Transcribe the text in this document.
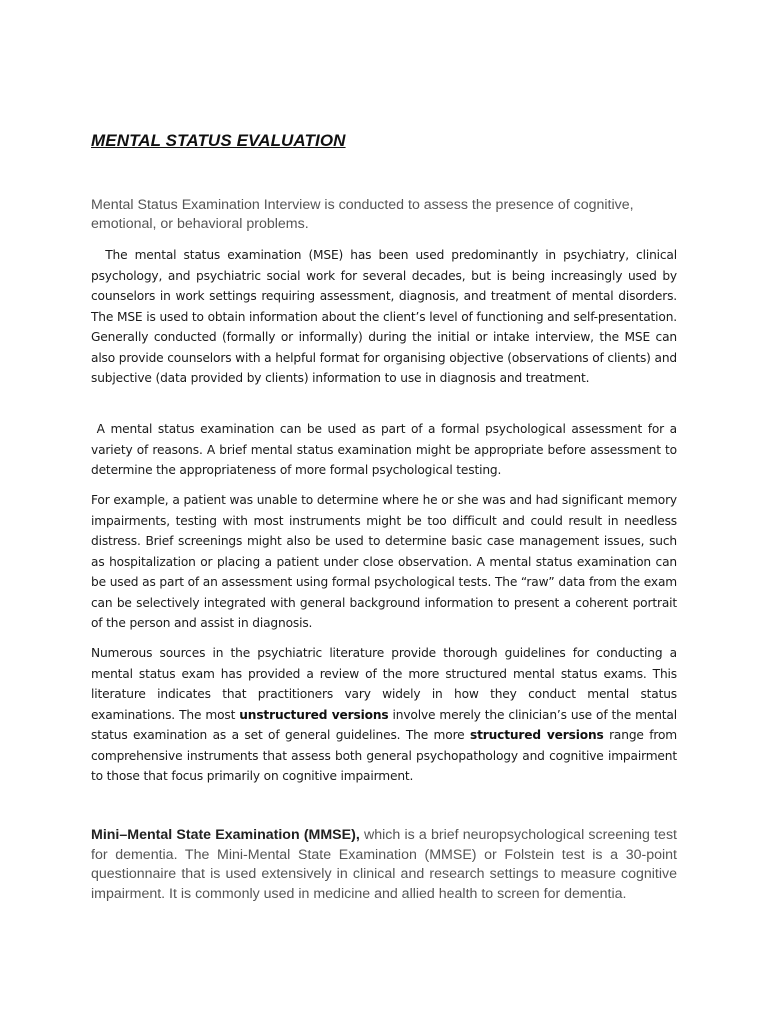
MENTAL STATUS EVALUATION

Mental Status Examination Interview is conducted to assess the presence of cognitive, emotional, or behavioral problems.

The mental status examination (MSE) has been used predominantly in psychiatry, clinical psychology, and psychiatric social work for several decades, but is being increasingly used by counselors in work settings requiring assessment, diagnosis, and treatment of mental disorders. The MSE is used to obtain information about the client’s level of functioning and self-presentation. Generally conducted (formally or informally) during the initial or intake interview, the MSE can also provide counselors with a helpful format for organising objective (observations of clients) and subjective (data provided by clients) information to use in diagnosis and treatment.

A mental status examination can be used as part of a formal psychological assessment for a variety of reasons. A brief mental status examination might be appropriate before assessment to determine the appropriateness of more formal psychological testing.

For example, a patient was unable to determine where he or she was and had significant memory impairments, testing with most instruments might be too difficult and could result in needless distress. Brief screenings might also be used to determine basic case management issues, such as hospitalization or placing a patient under close observation. A mental status examination can be used as part of an assessment using formal psychological tests. The “raw” data from the exam can be selectively integrated with general background information to present a coherent portrait of the person and assist in diagnosis.

Numerous sources in the psychiatric literature provide thorough guidelines for conducting a mental status exam has provided a review of the more structured mental status exams. This literature indicates that practitioners vary widely in how they conduct mental status examinations. The most unstructured versions involve merely the clinician’s use of the mental status examination as a set of general guidelines. The more structured versions range from comprehensive instruments that assess both general psychopathology and cognitive impairment to those that focus primarily on cognitive impairment.

Mini–Mental State Examination (MMSE), which is a brief neuropsychological screening test for dementia. The Mini-Mental State Examination (MMSE) or Folstein test is a 30-point questionnaire that is used extensively in clinical and research settings to measure cognitive impairment. It is commonly used in medicine and allied health to screen for dementia.
